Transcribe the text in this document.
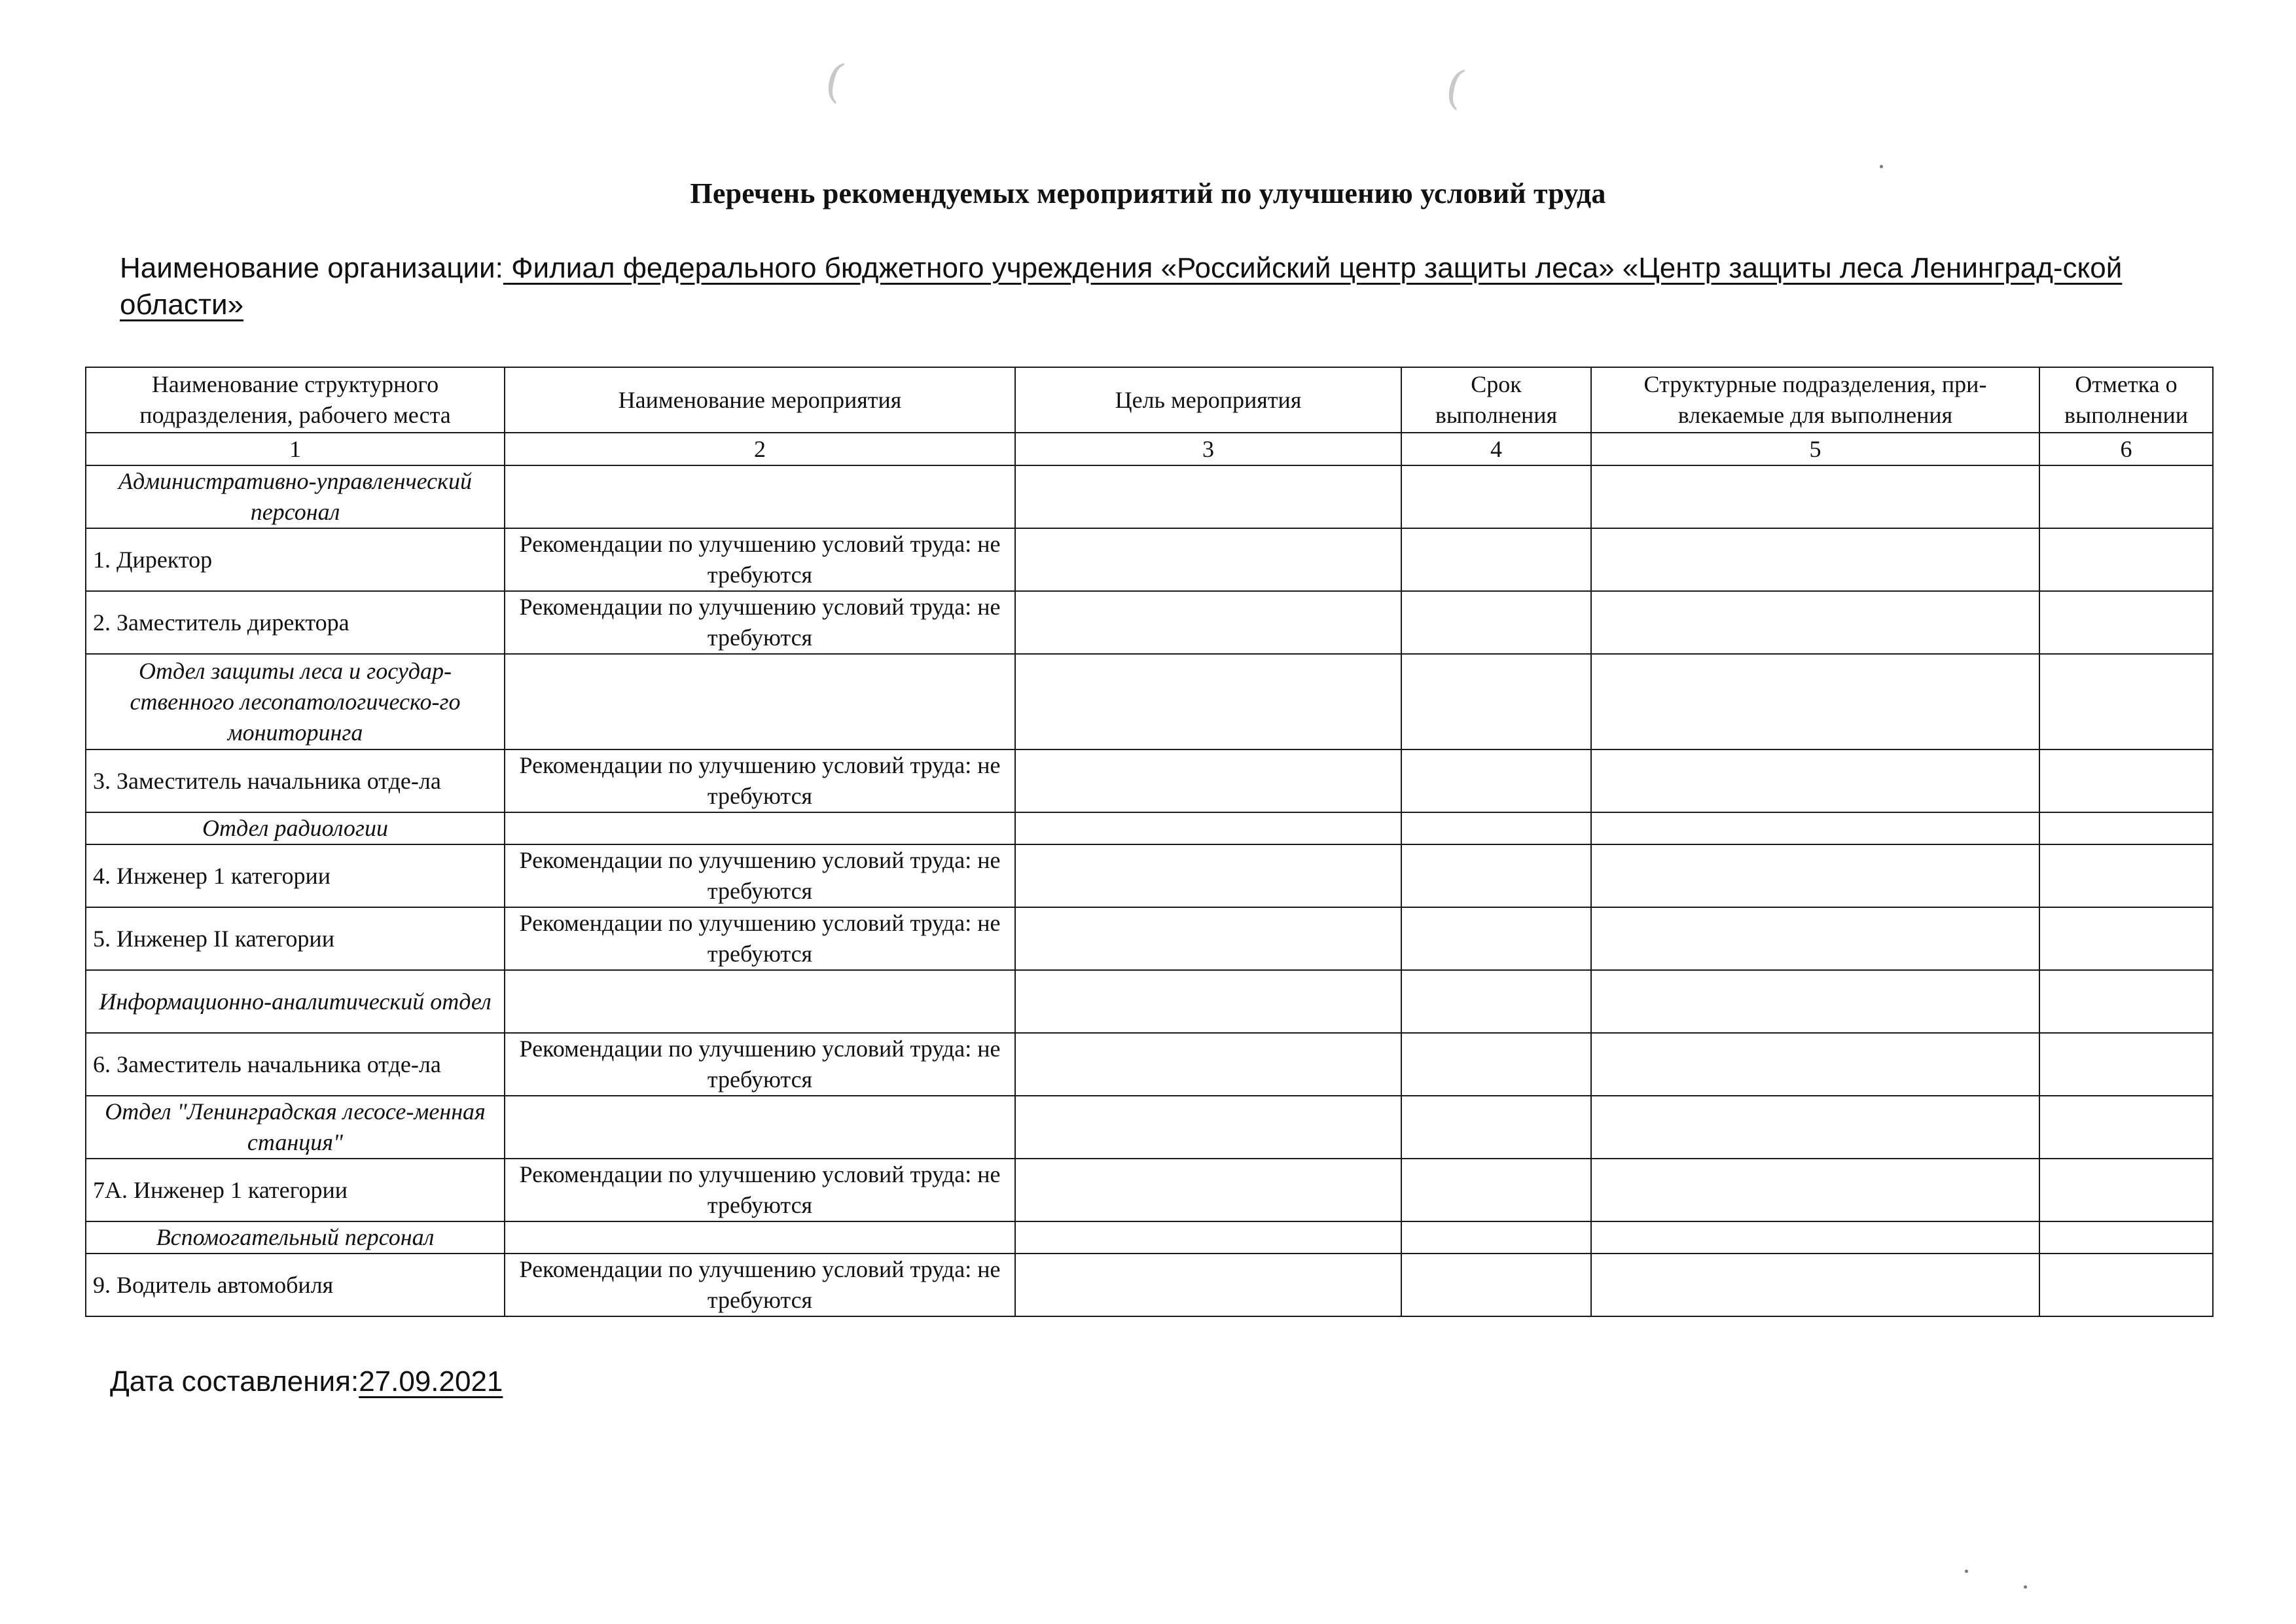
(	(
Перечень рекомендуемых мероприятий по улучшению условий труда
Наименование организации: Филиал федерального бюджетного учреждения «Российский центр защиты леса» «Центр защиты леса Ленинград-ской области»
Наименование структурного подразделения, рабочего места	Наименование мероприятия	Цель мероприятия	Срок выполнения	Структурные подразделения, при-влекаемые для выполнения	Отметка о выполнении
1	2	3	4	5	6
Административно-управленческий персонал					
1. Директор	Рекомендации по улучшению условий труда: не требуются				
2. Заместитель директора	Рекомендации по улучшению условий труда: не требуются				
Отдел защиты леса и государ-ственного лесопатологическо-го мониторинга					
3. Заместитель начальника отде-ла	Рекомендации по улучшению условий труда: не требуются				
Отдел радиологии					
4. Инженер 1 категории	Рекомендации по улучшению условий труда: не требуются				
5. Инженер II категории	Рекомендации по улучшению условий труда: не требуются				
Информационно-аналитический отдел					
6. Заместитель начальника отде-ла	Рекомендации по улучшению условий труда: не требуются				
Отдел "Ленинградская лесосе-менная станция"					
7А. Инженер 1 категории	Рекомендации по улучшению условий труда: не требуются				
Вспомогательный персонал					
9. Водитель автомобиля	Рекомендации по улучшению условий труда: не требуются				
Дата составления:27.09.2021
